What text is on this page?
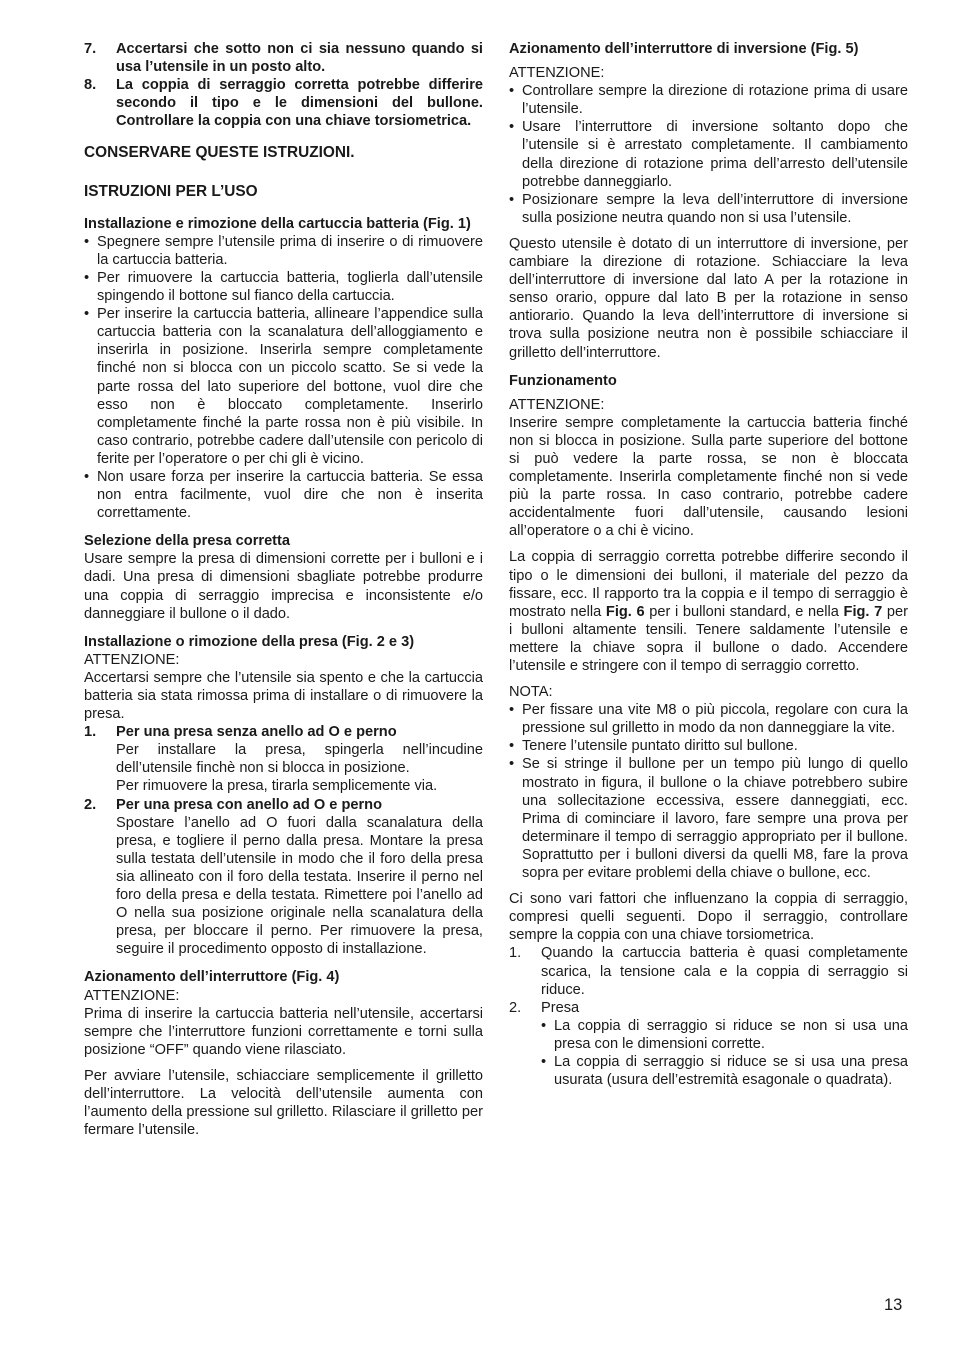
7. Accertarsi che sotto non ci sia nessuno quando si usa l’utensile in un posto alto.
8. La coppia di serraggio corretta potrebbe differire secondo il tipo e le dimensioni del bullone. Controllare la coppia con una chiave torsiometrica.

CONSERVARE QUESTE ISTRUZIONI.

ISTRUZIONI PER L’USO

Installazione e rimozione della cartuccia batteria (Fig. 1)

• Spegnere sempre l’utensile prima di inserire o di rimuovere la cartuccia batteria.
• Per rimuovere la cartuccia batteria, toglierla dall’utensile spingendo il bottone sul fianco della cartuccia.
• Per inserire la cartuccia batteria, allineare l’appendice sulla cartuccia batteria con la scanalatura dell’alloggiamento e inserirla in posizione. Inserirla sempre completamente finché non si blocca con un piccolo scatto. Se si vede la parte rossa del lato superiore del bottone, vuol dire che esso non è bloccato completamente. Inserirlo completamente finché la parte rossa non è più visibile. In caso contrario, potrebbe cadere dall’utensile con pericolo di ferite per l’operatore o per chi gli è vicino.
• Non usare forza per inserire la cartuccia batteria. Se essa non entra facilmente, vuol dire che non è inserita correttamente.

Selezione della presa corretta

Usare sempre la presa di dimensioni corrette per i bulloni e i dadi. Una presa di dimensioni sbagliate potrebbe produrre una coppia di serraggio imprecisa e inconsistente e/o danneggiare il bullone o il dado.

Installazione o rimozione della presa (Fig. 2 e 3)

ATTENZIONE:

Accertarsi sempre che l’utensile sia spento e che la cartuccia batteria sia stata rimossa prima di installare o di rimuovere la presa.

1. Per una presa senza anello ad O e perno
Per installare la presa, spingerla nell’incudine dell’utensile finchè non si blocca in posizione.
Per rimuovere la presa, tirarla semplicemente via.
2. Per una presa con anello ad O e perno
Spostare l’anello ad O fuori dalla scanalatura della presa, e togliere il perno dalla presa. Montare la presa sulla testata dell’utensile in modo che il foro della presa sia allineato con il foro della testata. Inserire il perno nel foro della presa e della testata. Rimettere poi l’anello ad O nella sua posizione originale nella scanalatura della presa, per bloccare il perno. Per rimuovere la presa, seguire il procedimento opposto di installazione.

Azionamento dell’interruttore (Fig. 4)

ATTENZIONE:

Prima di inserire la cartuccia batteria nell’utensile, accertarsi sempre che l’interruttore funzioni correttamente e torni sulla posizione “OFF” quando viene rilasciato.

Per avviare l’utensile, schiacciare semplicemente il grilletto dell’interruttore. La velocità dell’utensile aumenta con l’aumento della pressione sul grilletto. Rilasciare il grilletto per fermare l’utensile.

Azionamento dell’interruttore di inversione (Fig. 5)

ATTENZIONE:

• Controllare sempre la direzione di rotazione prima di usare l’utensile.
• Usare l’interruttore di inversione soltanto dopo che l’utensile si è arrestato completamente. Il cambiamento della direzione di rotazione prima dell’arresto dell’utensile potrebbe danneggiarlo.
• Posizionare sempre la leva dell’interruttore di inversione sulla posizione neutra quando non si usa l’utensile.

Questo utensile è dotato di un interruttore di inversione, per cambiare la direzione di rotazione. Schiacciare la leva dell’interruttore di inversione dal lato A per la rotazione in senso orario, oppure dal lato B per la rotazione in senso antiorario. Quando la leva dell’interruttore di inversione si trova sulla posizione neutra non è possibile schiacciare il grilletto dell’interruttore.

Funzionamento

ATTENZIONE:

Inserire sempre completamente la cartuccia batteria finché non si blocca in posizione. Sulla parte superiore del bottone si può vedere la parte rossa, se non è bloccata completamente. Inserirla completamente finché non si vede più la parte rossa. In caso contrario, potrebbe cadere accidentalmente fuori dall’utensile, causando lesioni all’operatore o a chi è vicino.

La coppia di serraggio corretta potrebbe differire secondo il tipo o le dimensioni dei bulloni, il materiale del pezzo da fissare, ecc. Il rapporto tra la coppia e il tempo di serraggio è mostrato nella Fig. 6 per i bulloni standard, e nella Fig. 7 per i bulloni altamente tensili. Tenere saldamente l’utensile e mettere la chiave sopra il bullone o dado. Accendere l’utensile e stringere con il tempo di serraggio corretto.

NOTA:

• Per fissare una vite M8 o più piccola, regolare con cura la pressione sul grilletto in modo da non danneggiare la vite.
• Tenere l’utensile puntato diritto sul bullone.
• Se si stringe il bullone per un tempo più lungo di quello mostrato in figura, il bullone o la chiave potrebbero subire una sollecitazione eccessiva, essere danneggiati, ecc. Prima di cominciare il lavoro, fare sempre una prova per determinare il tempo di serraggio appropriato per il bullone. Soprattutto per i bulloni diversi da quelli M8, fare la prova sopra per evitare problemi della chiave o bullone, ecc.

Ci sono vari fattori che influenzano la coppia di serraggio, compresi quelli seguenti. Dopo il serraggio, controllare sempre la coppia con una chiave torsiometrica.

1. Quando la cartuccia batteria è quasi completamente scarica, la tensione cala e la coppia di serraggio si riduce.
2. Presa
• La coppia di serraggio si riduce se non si usa una presa con le dimensioni corrette.
• La coppia di serraggio si riduce se si usa una presa usurata (usura dell’estremità esagonale o quadrata).
13
